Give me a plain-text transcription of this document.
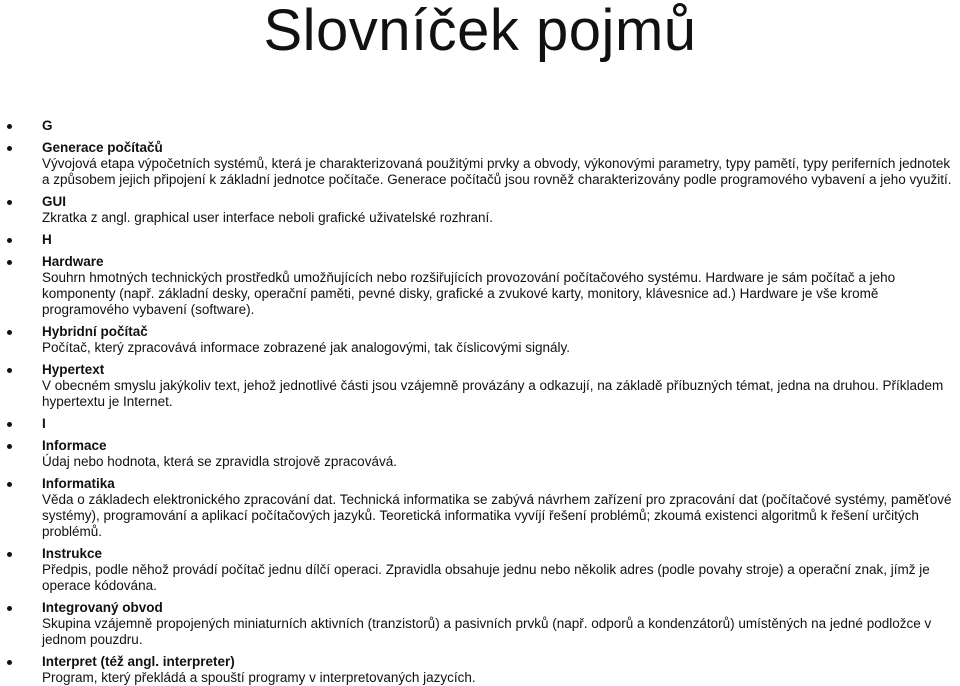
Slovníček pojmů
G
Generace počítačů
Vývojová etapa výpočetních systémů, která je charakterizovaná použitými prvky a obvody, výkonovými parametry, typy pamětí, typy periferních jednotek a způsobem jejich připojení k základní jednotce počítače. Generace počítačů jsou rovněž charakterizovány podle programového vybavení a jeho využití.
GUI
Zkratka z angl. graphical user interface neboli grafické uživatelské rozhraní.
H
Hardware
Souhrn hmotných technických prostředků umožňujících nebo rozšiřujících provozování počítačového systému. Hardware je sám počítač a jeho komponenty (např. základní desky, operační paměti, pevné disky, grafické a zvukové karty, monitory, klávesnice ad.) Hardware je vše kromě programového vybavení (software).
Hybridní počítač
Počítač, který zpracovává informace zobrazené jak analogovými, tak číslicovými signály.
Hypertext
V obecném smyslu jakýkoliv text, jehož jednotlivé části jsou vzájemně provázány a odkazují, na základě příbuzných témat, jedna na druhou. Příkladem hypertextu je Internet.
I
Informace
Údaj nebo hodnota, která se zpravidla strojově zpracovává.
Informatika
Věda o základech elektronického zpracování dat. Technická informatika se zabývá návrhem zařízení pro zpracování dat (počítačové systémy, paměťové systémy), programování a aplikací počítačových jazyků. Teoretická informatika vyvíjí řešení problémů; zkoumá existenci algoritmů k řešení určitých problémů.
Instrukce
Předpis, podle něhož provádí počítač jednu dílčí operaci. Zpravidla obsahuje jednu nebo několik adres (podle povahy stroje) a operační znak, jímž je operace kódována.
Integrovaný obvod
Skupina vzájemně propojených miniaturních aktivních (tranzistorů) a pasivních prvků (např. odporů a kondenzátorů) umístěných na jedné podložce v jednom pouzdru.
Interpret (též angl. interpreter)
Program, který překládá a spouští programy v interpretovaných jazycích.
